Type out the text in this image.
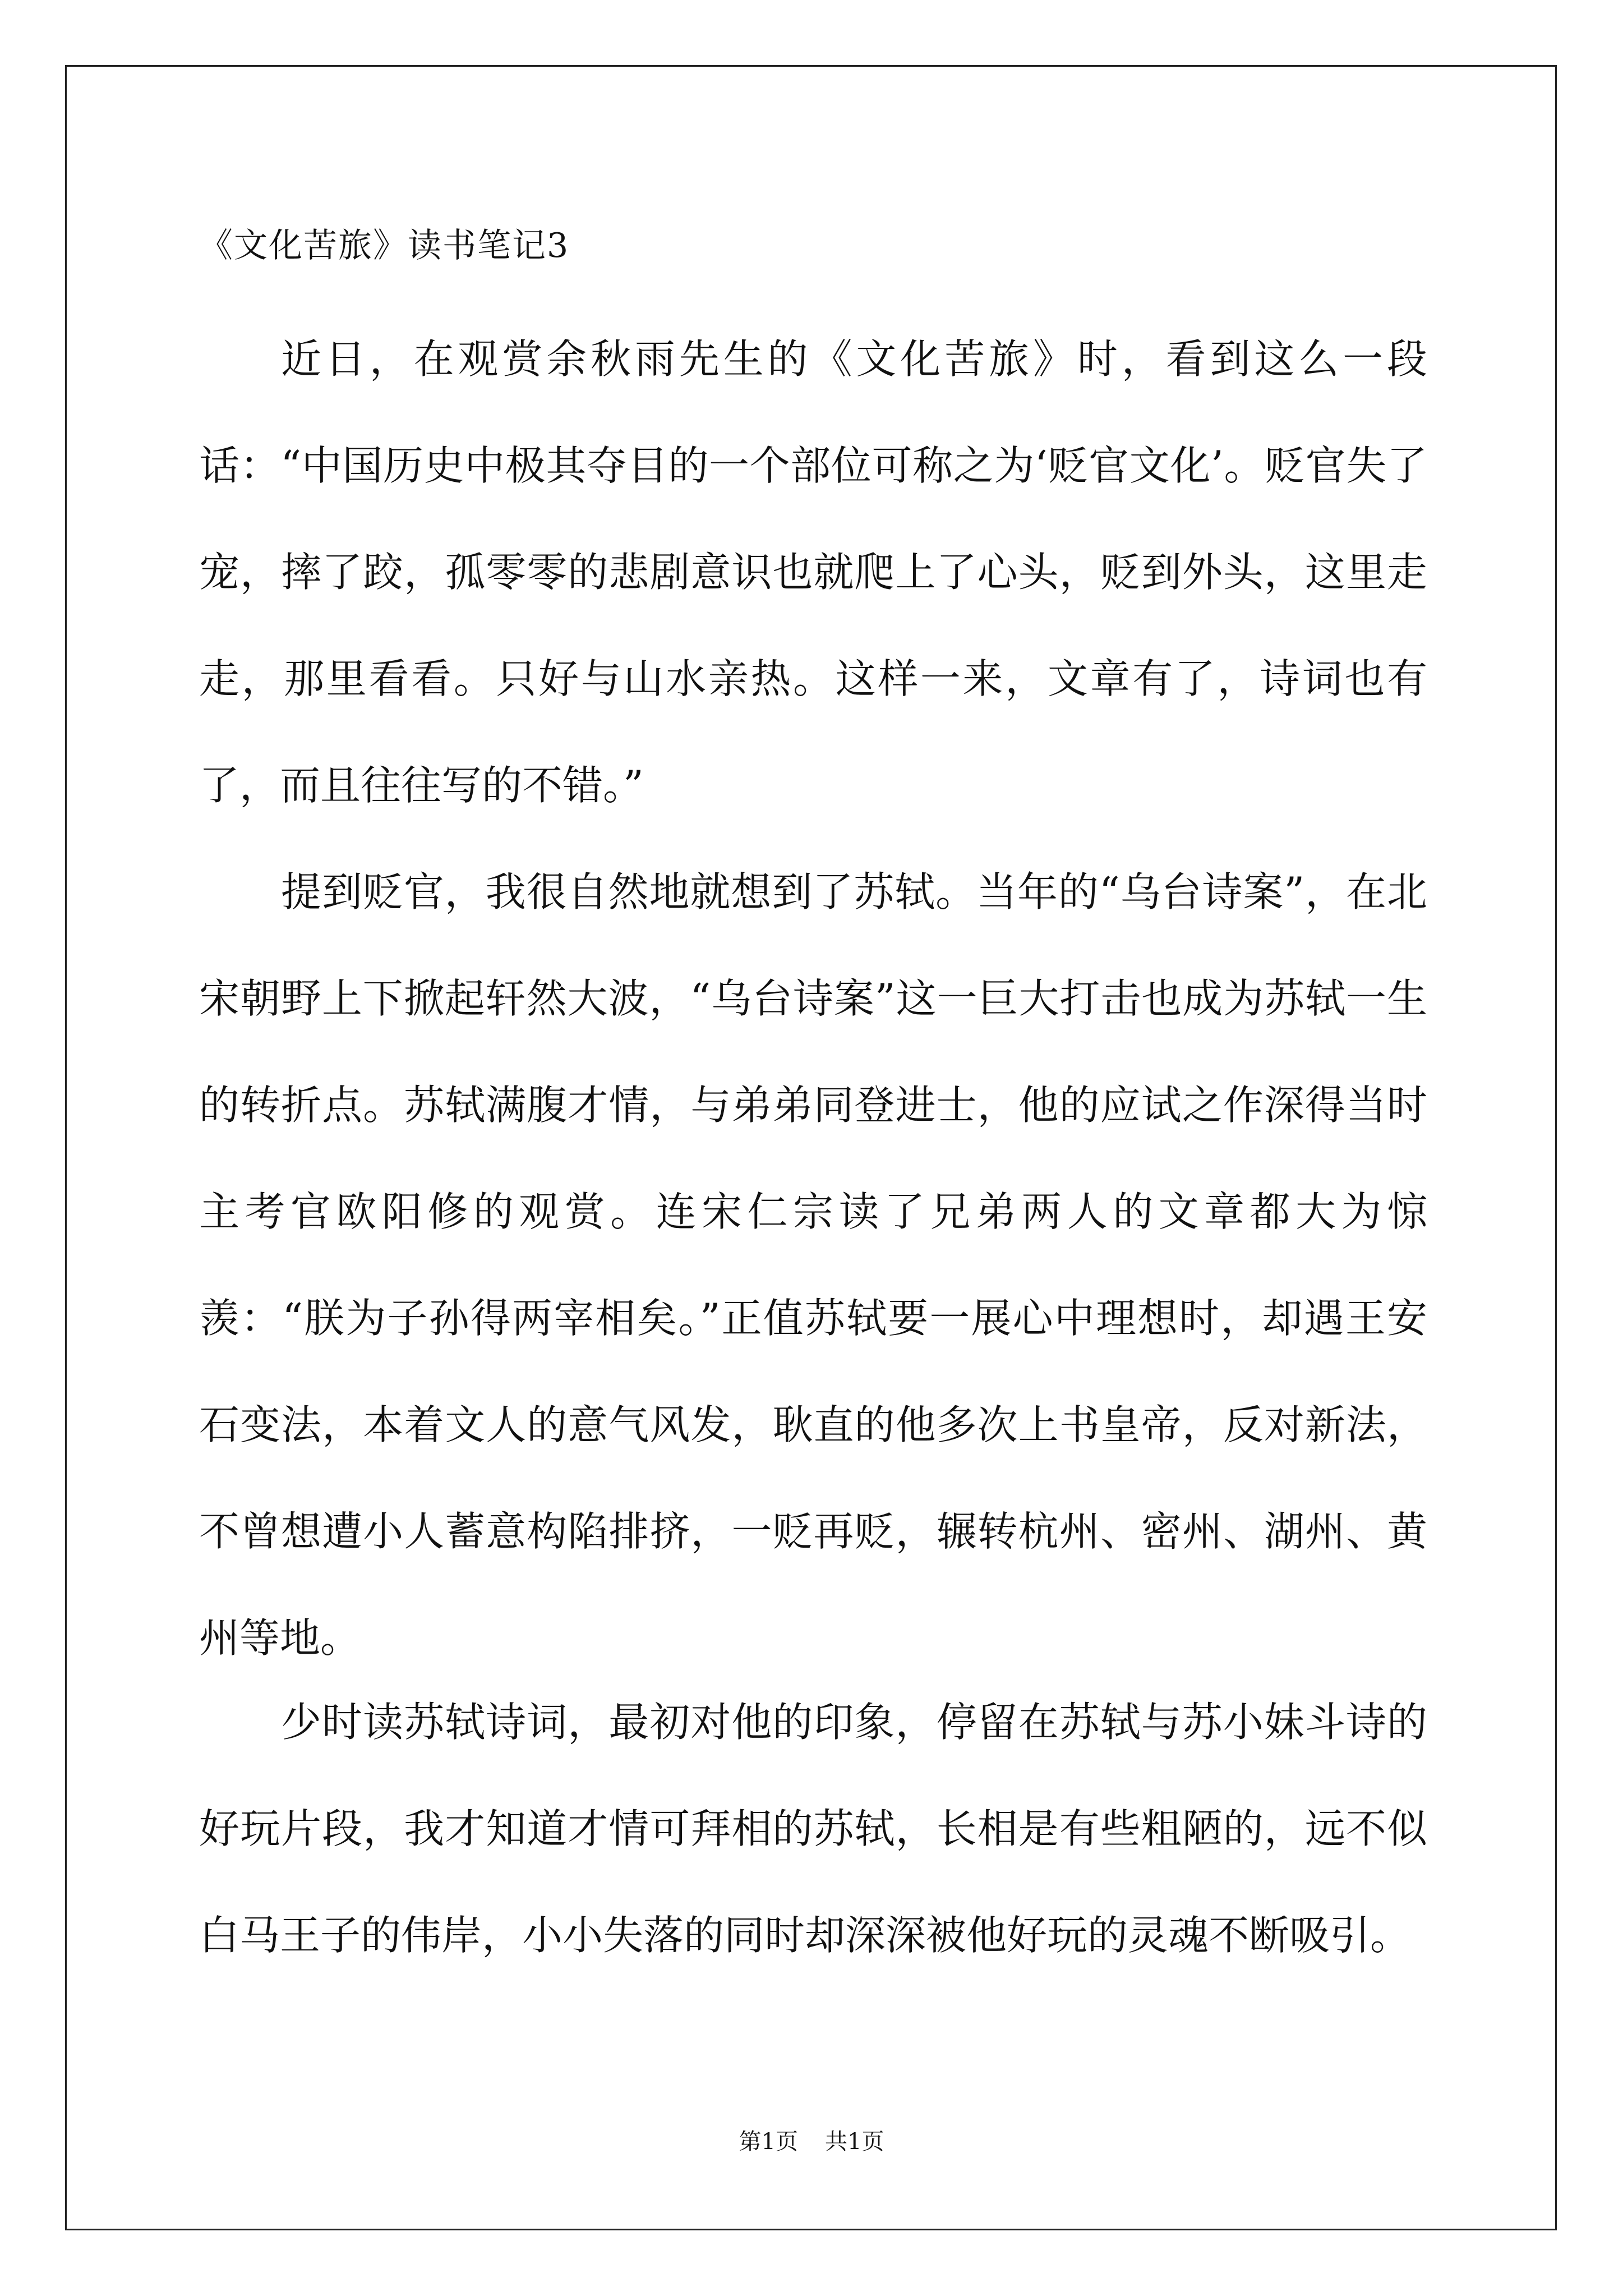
《文化苦旅》读书笔记3

近日，在观赏余秋雨先生的《文化苦旅》时，看到这么一段话：“中国历史中极其夺目的一个部位可称之为‘贬官文化’。贬官失了宠，摔了跤，孤零零的悲剧意识也就爬上了心头，贬到外头，这里走走，那里看看。只好与山水亲热。这样一来，文章有了，诗词也有了，而且往往写的不错。”

提到贬官，我很自然地就想到了苏轼。当年的“乌台诗案”，在北宋朝野上下掀起轩然大波，“乌台诗案”这一巨大打击也成为苏轼一生的转折点。苏轼满腹才情，与弟弟同登进士，他的应试之作深得当时主考官欧阳修的观赏。连宋仁宗读了兄弟两人的文章都大为惊羡：“朕为子孙得两宰相矣。”正值苏轼要一展心中理想时，却遇王安石变法，本着文人的意气风发，耿直的他多次上书皇帝，反对新法，不曾想遭小人蓄意构陷排挤，一贬再贬，辗转杭州、密州、湖州、黄州等地。

少时读苏轼诗词，最初对他的印象，停留在苏轼与苏小妹斗诗的好玩片段，我才知道才情可拜相的苏轼，长相是有些粗陋的，远不似白马王子的伟岸，小小失落的同时却深深被他好玩的灵魂不断吸引。

第1页 共1页
